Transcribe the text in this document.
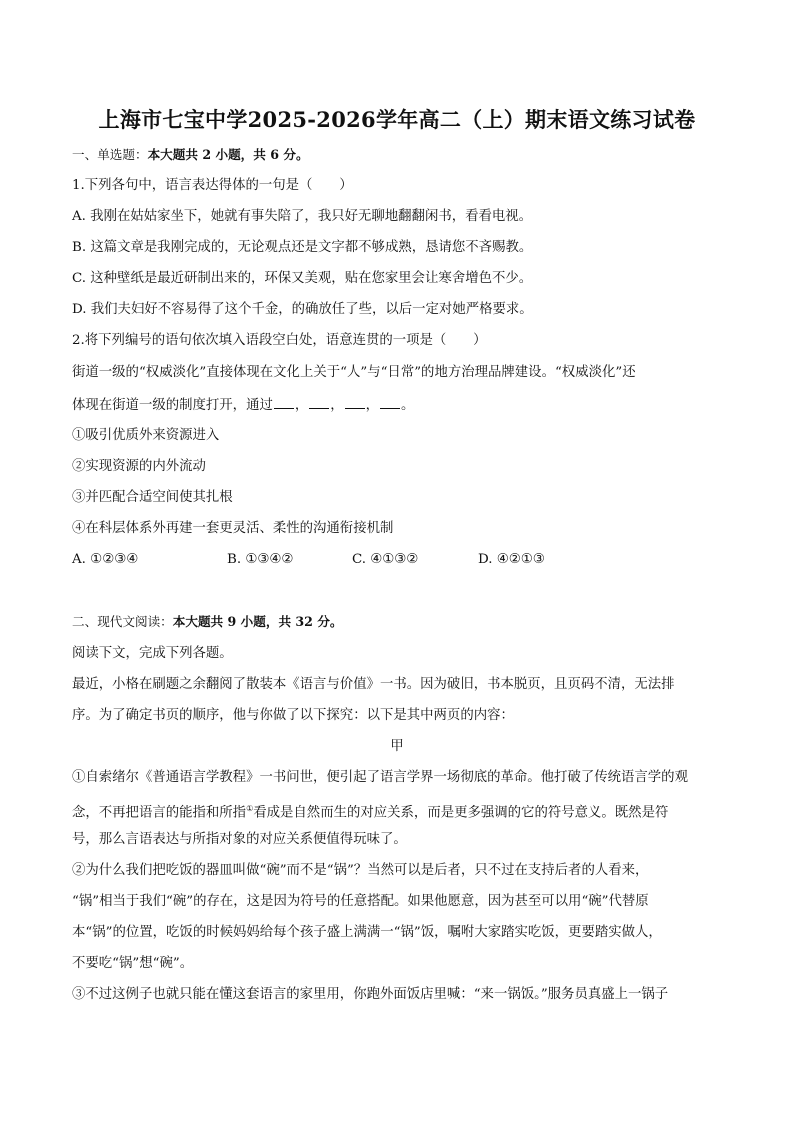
上海市七宝中学2025-2026学年高二（上）期末语文练习试卷
一、单选题：本大题共 2 小题，共 6 分。
1.下列各句中，语言表达得体的一句是（　　）
A. 我刚在姑姑家坐下，她就有事失陪了，我只好无聊地翻翻闲书，看看电视。
B. 这篇文章是我刚完成的，无论观点还是文字都不够成熟，恳请您不吝赐教。
C. 这种壁纸是最近研制出来的，环保又美观，贴在您家里会让寒舍增色不少。
D. 我们夫妇好不容易得了这个千金，的确放任了些，以后一定对她严格要求。
2.将下列编号的语句依次填入语段空白处，语意连贯的一项是（　　）
街道一级的“权威淡化”直接体现在文化上关于“人”与“日常”的地方治理品牌建设。“权威淡化”还
体现在街道一级的制度打开，通过 ， ， ， 。
①吸引优质外来资源进入
②实现资源的内外流动
③并匹配合适空间使其扎根
④在科层体系外再建一套更灵活、柔性的沟通衔接机制
A. ①②③④	B. ①③④②	C. ④①③②	D. ④②①③
二、现代文阅读：本大题共 9 小题，共 32 分。
阅读下文，完成下列各题。
最近，小格在刷题之余翻阅了散装本《语言与价值》一书。因为破旧，书本脱页，且页码不清，无法排
序。为了确定书页的顺序，他与你做了以下探究：以下是其中两页的内容：
甲
①自索绪尔《普通语言学教程》一书问世，便引起了语言学界一场彻底的革命。他打破了传统语言学的观
念，不再把语言的能指和所指①看成是自然而生的对应关系，而是更多强调的它的符号意义。既然是符
号，那么言语表达与所指对象的对应关系便值得玩味了。
②为什么我们把吃饭的器皿叫做“碗”而不是“锅”？当然可以是后者，只不过在支持后者的人看来，
“锅”相当于我们“碗”的存在，这是因为符号的任意搭配。如果他愿意，因为甚至可以用“碗”代替原
本“锅”的位置，吃饭的时候妈妈给每个孩子盛上满满一“锅”饭，嘱咐大家踏实吃饭，更要踏实做人，
不要吃“锅”想“碗”。
③不过这例子也就只能在懂这套语言的家里用，你跑外面饭店里喊：“来一锅饭。”服务员真盛上一锅子
